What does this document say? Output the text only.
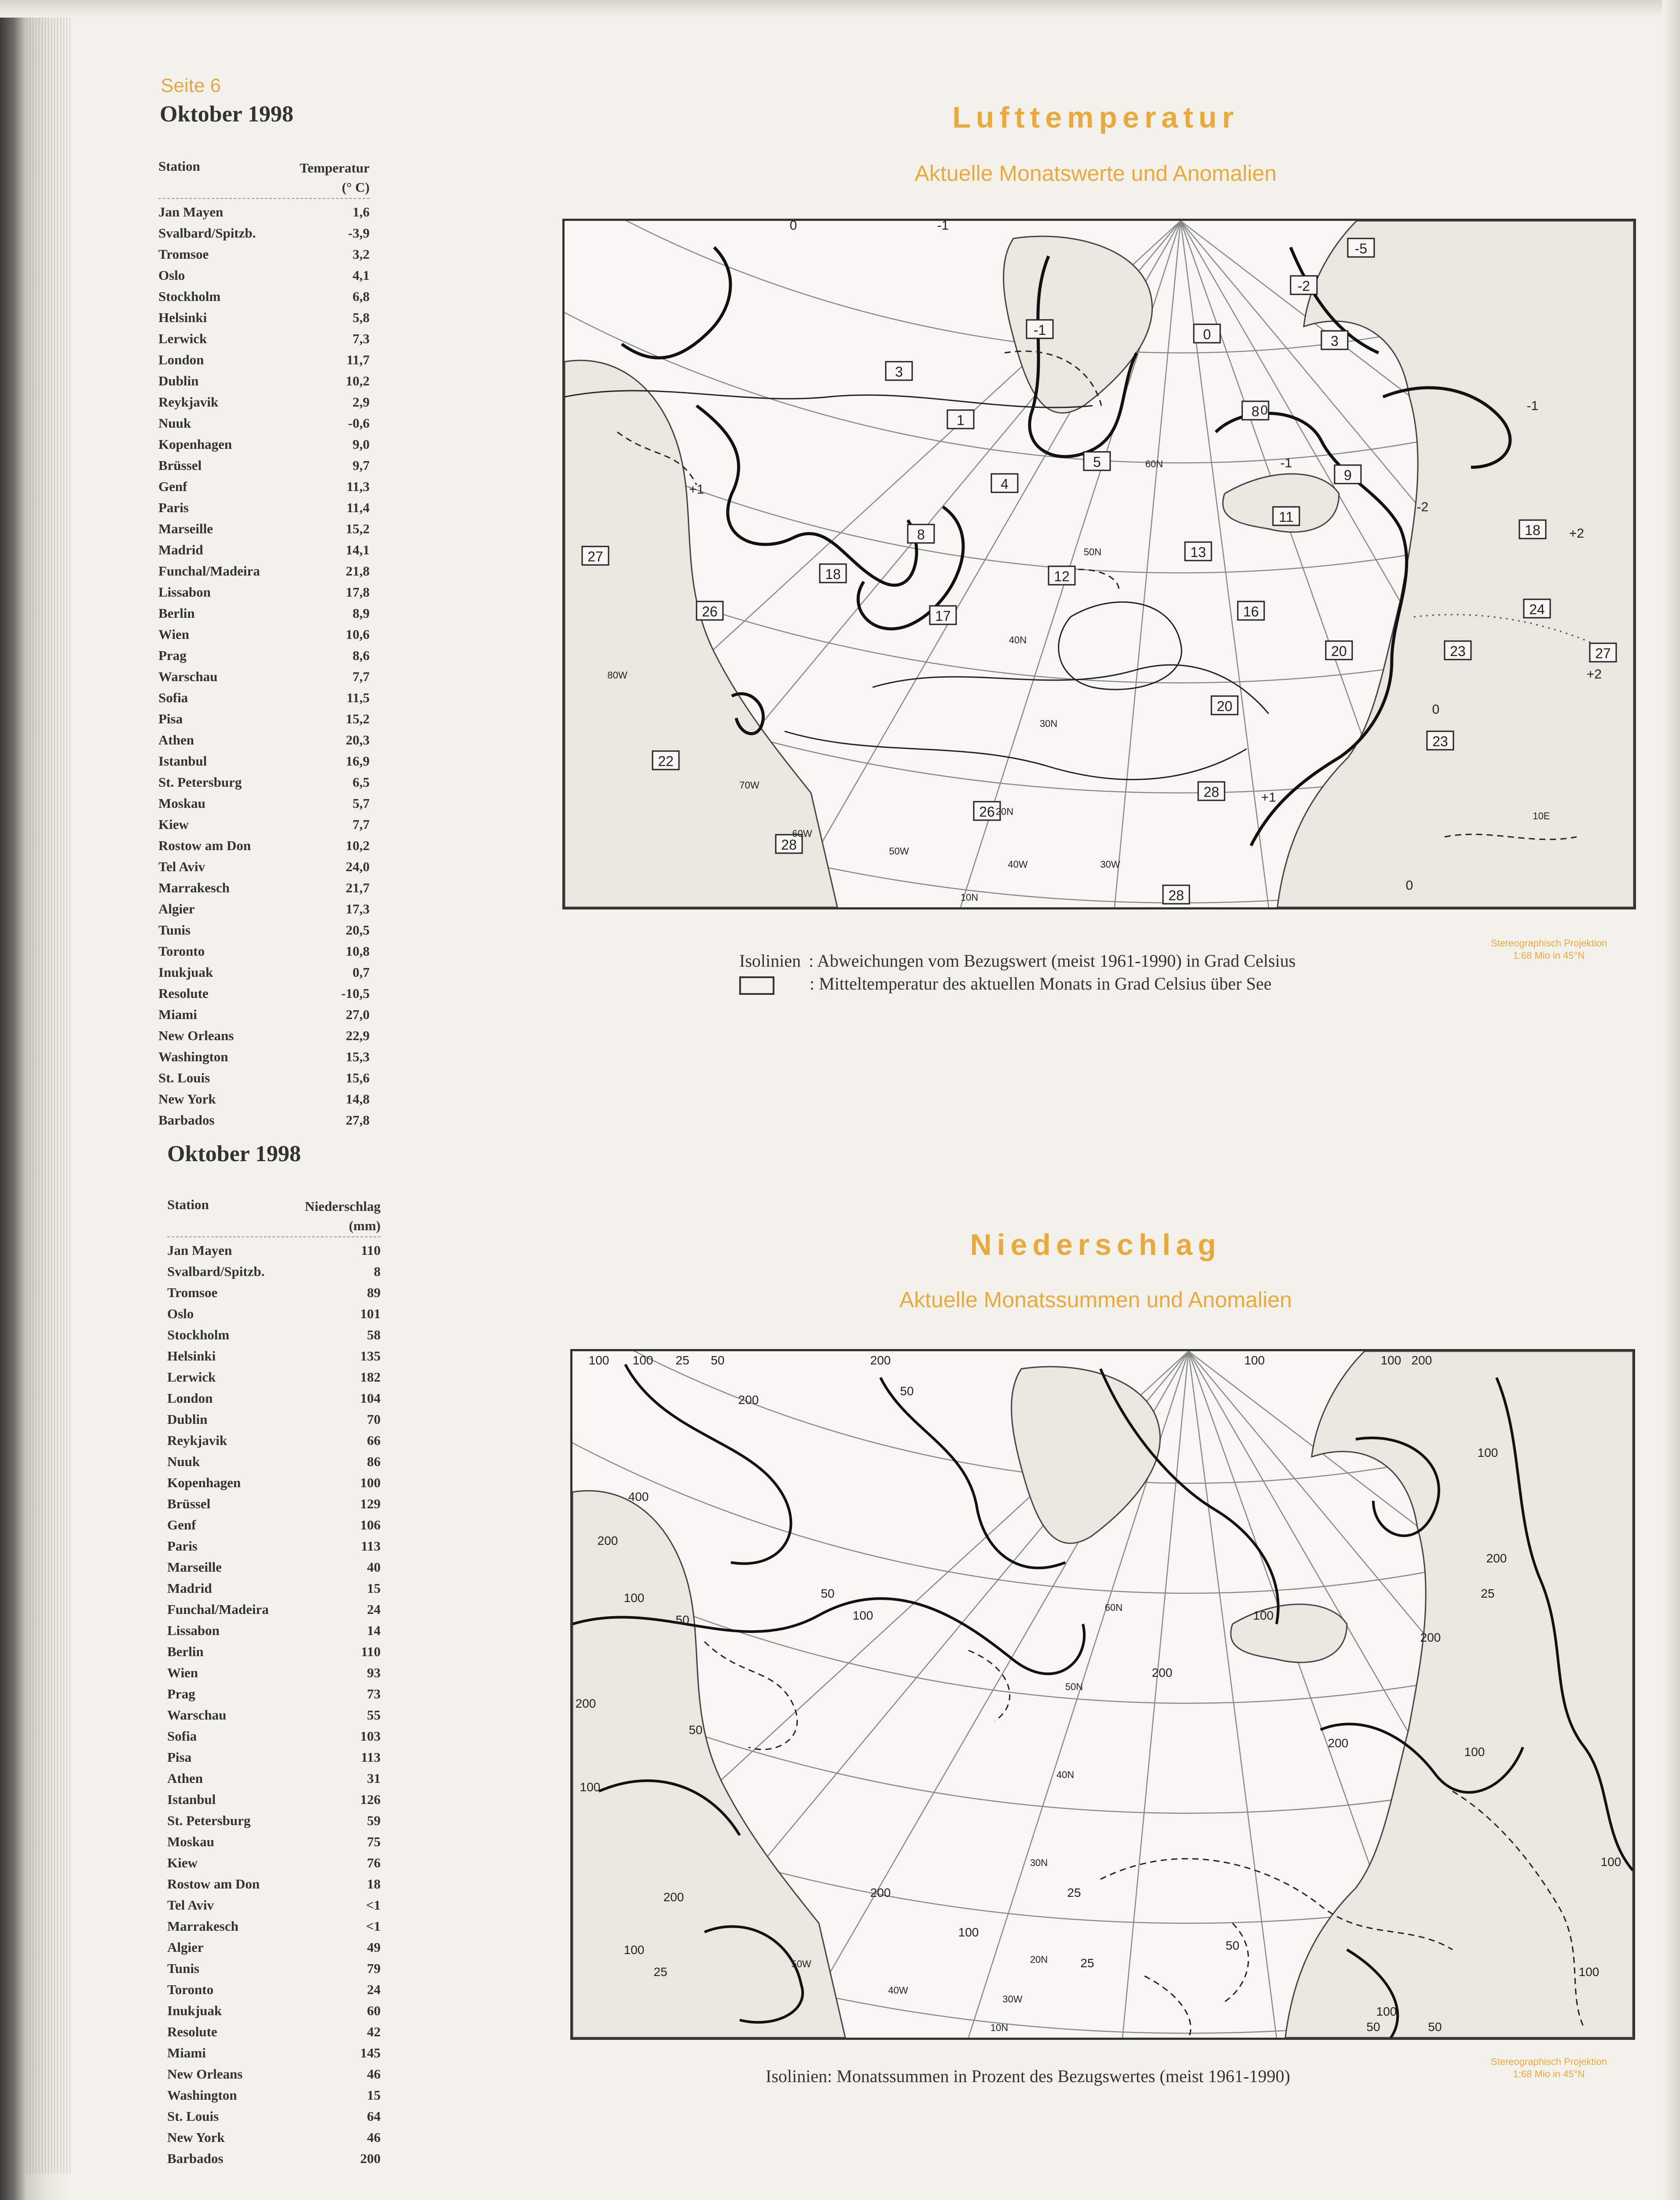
Seite 6
Oktober 1998
Station	Temperatur
(° C)
Jan Mayen	1,6
Svalbard/Spitzb.	-3,9
Tromsoe	3,2
Oslo	4,1
Stockholm	6,8
Helsinki	5,8
Lerwick	7,3
London	11,7
Dublin	10,2
Reykjavik	2,9
Nuuk	-0,6
Kopenhagen	9,0
Brüssel	9,7
Genf	11,3
Paris	11,4
Marseille	15,2
Madrid	14,1
Funchal/Madeira	21,8
Lissabon	17,8
Berlin	8,9
Wien	10,6
Prag	8,6
Warschau	7,7
Sofia	11,5
Pisa	15,2
Athen	20,3
Istanbul	16,9
St. Petersburg	6,5
Moskau	5,7
Kiew	7,7
Rostow am Don	10,2
Tel Aviv	24,0
Marrakesch	21,7
Algier	17,3
Tunis	20,5
Toronto	10,8
Inukjuak	0,7
Resolute	-10,5
Miami	27,0
New Orleans	22,9
Washington	15,3
St. Louis	15,6
New York	14,8
Barbados	27,8
Oktober 1998
Station	Niederschlag
(mm)
Jan Mayen	110
Svalbard/Spitzb.	8
Tromsoe	89
Oslo	101
Stockholm	58
Helsinki	135
Lerwick	182
London	104
Dublin	70
Reykjavik	66
Nuuk	86
Kopenhagen	100
Brüssel	129
Genf	106
Paris	113
Marseille	40
Madrid	15
Funchal/Madeira	24
Lissabon	14
Berlin	110
Wien	93
Prag	73
Warschau	55
Sofia	103
Pisa	113
Athen	31
Istanbul	126
St. Petersburg	59
Moskau	75
Kiew	76
Rostow am Don	18
Tel Aviv	<1
Marrakesch	<1
Algier	49
Tunis	79
Toronto	24
Inukjuak	60
Resolute	42
Miami	145
New Orleans	46
Washington	15
St. Louis	64
New York	46
Barbados	200
Lufttemperatur
Aktuelle Monatswerte und Anomalien
-5
-2
3
-1	0
3
1
8
5
4
9
11
18
8
13
12
18
17
27
26	16	24
20	23	27
20
23
28
22
26
28
28
0	-1
+1
-2
+2
0
-1
+1
0
+2
-1
0
60N
50N
40N
30N
20N
10N
80W
70W
60W
50W
40W	30W
10E
Isolinien : Abweichungen vom Bezugswert (meist 1961-1990) in Grad Celsius
: Mitteltemperatur des aktuellen Monats in Grad Celsius über See
Stereographisch Projektion
1:68 Mio in 45°N
Niederschlag
Aktuelle Monatssummen und Anomalien
100 100 25 50	100
200	100	200
50
100
200
400
200
100
50
200
200
25
50
100	100
200
200
50
200
100
100
200	25
50
100
100
25
50
100
200
100
50
25
100
60N
50N
40N
30N
20N
10N
50W
40W
30W
Isolinien: Monatssummen in Prozent des Bezugswertes (meist 1961-1990)
Stereographisch Projektion
1:68 Mio in 45°N
